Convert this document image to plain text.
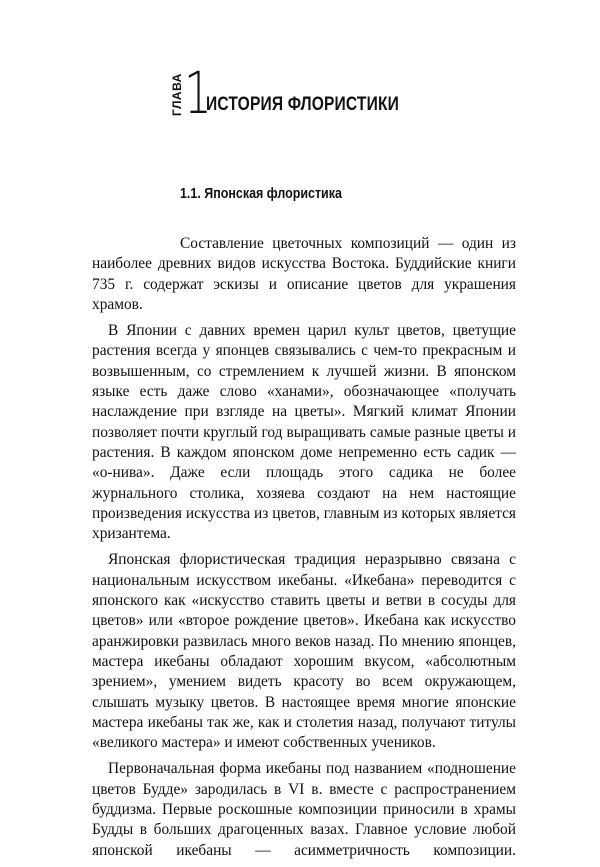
ГЛАВА 1
ИСТОРИЯ ФЛОРИСТИКИ
1.1. Японская флористика

Составление цветочных композиций — один из наиболее древних видов искусства Востока. Буддийские книги 735 г. содержат эскизы и описание цветов для украшения храмов.

В Японии с давних времен царил культ цветов, цветущие растения всегда у японцев связывались с чем-то прекрасным и возвышенным, со стремлением к лучшей жизни. В японском языке есть даже слово «ханами», обозначающее «получать наслаждение при взгляде на цветы». Мягкий климат Японии позволяет почти круглый год выращивать самые разные цветы и растения. В каждом японском доме непременно есть садик — «о-нива». Даже если площадь этого садика не более журнального столика, хозяева создают на нем настоящие произведения искусства из цветов, главным из которых является хризантема.

Японская флористическая традиция неразрывно связана с национальным искусством икебаны. «Икебана» переводится с японского как «искусство ставить цветы и ветви в сосуды для цветов» или «второе рождение цветов». Икебана как искусство аранжировки развилась много веков назад. По мнению японцев, мастера икебаны обладают хорошим вкусом, «абсолютным зрением», умением видеть красоту во всем окружающем, слышать музыку цветов. В настоящее время многие японские мастера икебаны так же, как и столетия назад, получают титулы «великого мастера» и имеют собственных учеников.

Первоначальная форма икебаны под названием «подношение цветов Будде» зародилась в VI в. вместе с распространением буддизма. Первые роскошные композиции приносили в храмы Будды в больших драгоценных вазах. Главное условие любой японской икебаны — асимметричность композиции.
